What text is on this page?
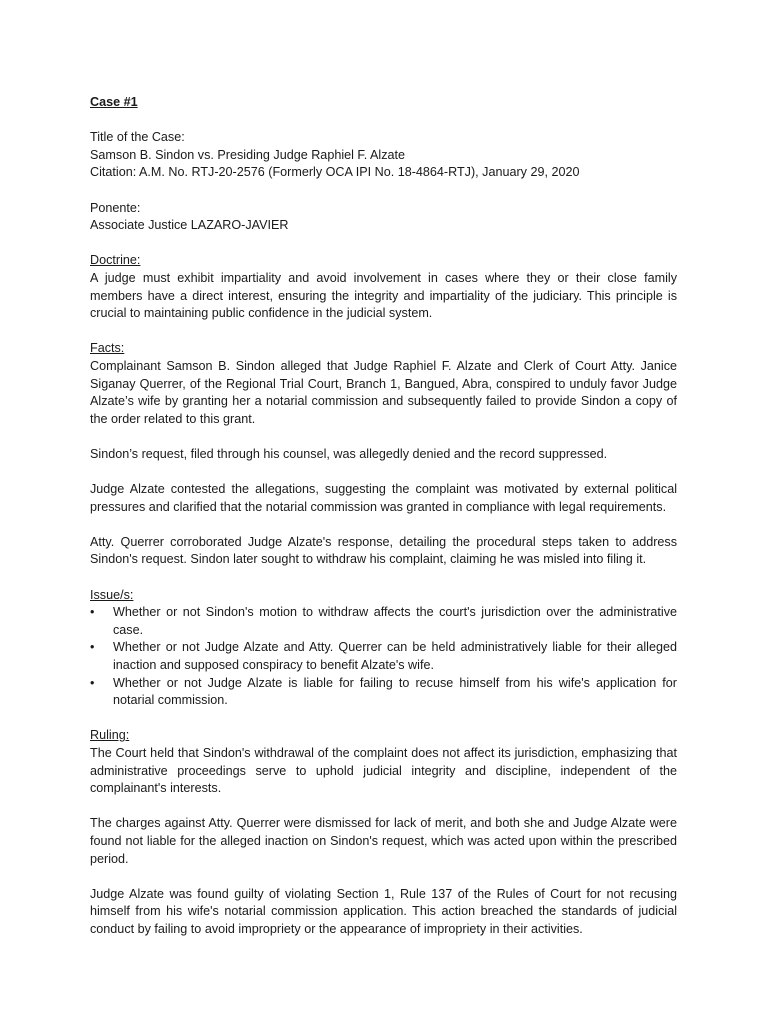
Case #1

Title of the Case:

Samson B. Sindon vs. Presiding Judge Raphiel F. Alzate

Citation: A.M. No. RTJ-20-2576 (Formerly OCA IPI No. 18-4864-RTJ), January 29, 2020

Ponente:

Associate Justice LAZARO-JAVIER

Doctrine:

A judge must exhibit impartiality and avoid involvement in cases where they or their close family members have a direct interest, ensuring the integrity and impartiality of the judiciary. This principle is crucial to maintaining public confidence in the judicial system.

Facts:

Complainant Samson B. Sindon alleged that Judge Raphiel F. Alzate and Clerk of Court Atty. Janice Siganay Querrer, of the Regional Trial Court, Branch 1, Bangued, Abra, conspired to unduly favor Judge Alzate’s wife by granting her a notarial commission and subsequently failed to provide Sindon a copy of the order related to this grant.

Sindon’s request, filed through his counsel, was allegedly denied and the record suppressed.

Judge Alzate contested the allegations, suggesting the complaint was motivated by external political pressures and clarified that the notarial commission was granted in compliance with legal requirements.

Atty. Querrer corroborated Judge Alzate's response, detailing the procedural steps taken to address Sindon's request. Sindon later sought to withdraw his complaint, claiming he was misled into filing it.

Issue/s:

• Whether or not Sindon's motion to withdraw affects the court's jurisdiction over the administrative case.
• Whether or not Judge Alzate and Atty. Querrer can be held administratively liable for their alleged inaction and supposed conspiracy to benefit Alzate's wife.
• Whether or not Judge Alzate is liable for failing to recuse himself from his wife's application for notarial commission.

Ruling:

The Court held that Sindon's withdrawal of the complaint does not affect its jurisdiction, emphasizing that administrative proceedings serve to uphold judicial integrity and discipline, independent of the complainant's interests.

The charges against Atty. Querrer were dismissed for lack of merit, and both she and Judge Alzate were found not liable for the alleged inaction on Sindon's request, which was acted upon within the prescribed period.

Judge Alzate was found guilty of violating Section 1, Rule 137 of the Rules of Court for not recusing himself from his wife's notarial commission application. This action breached the standards of judicial conduct by failing to avoid impropriety or the appearance of impropriety in their activities.
